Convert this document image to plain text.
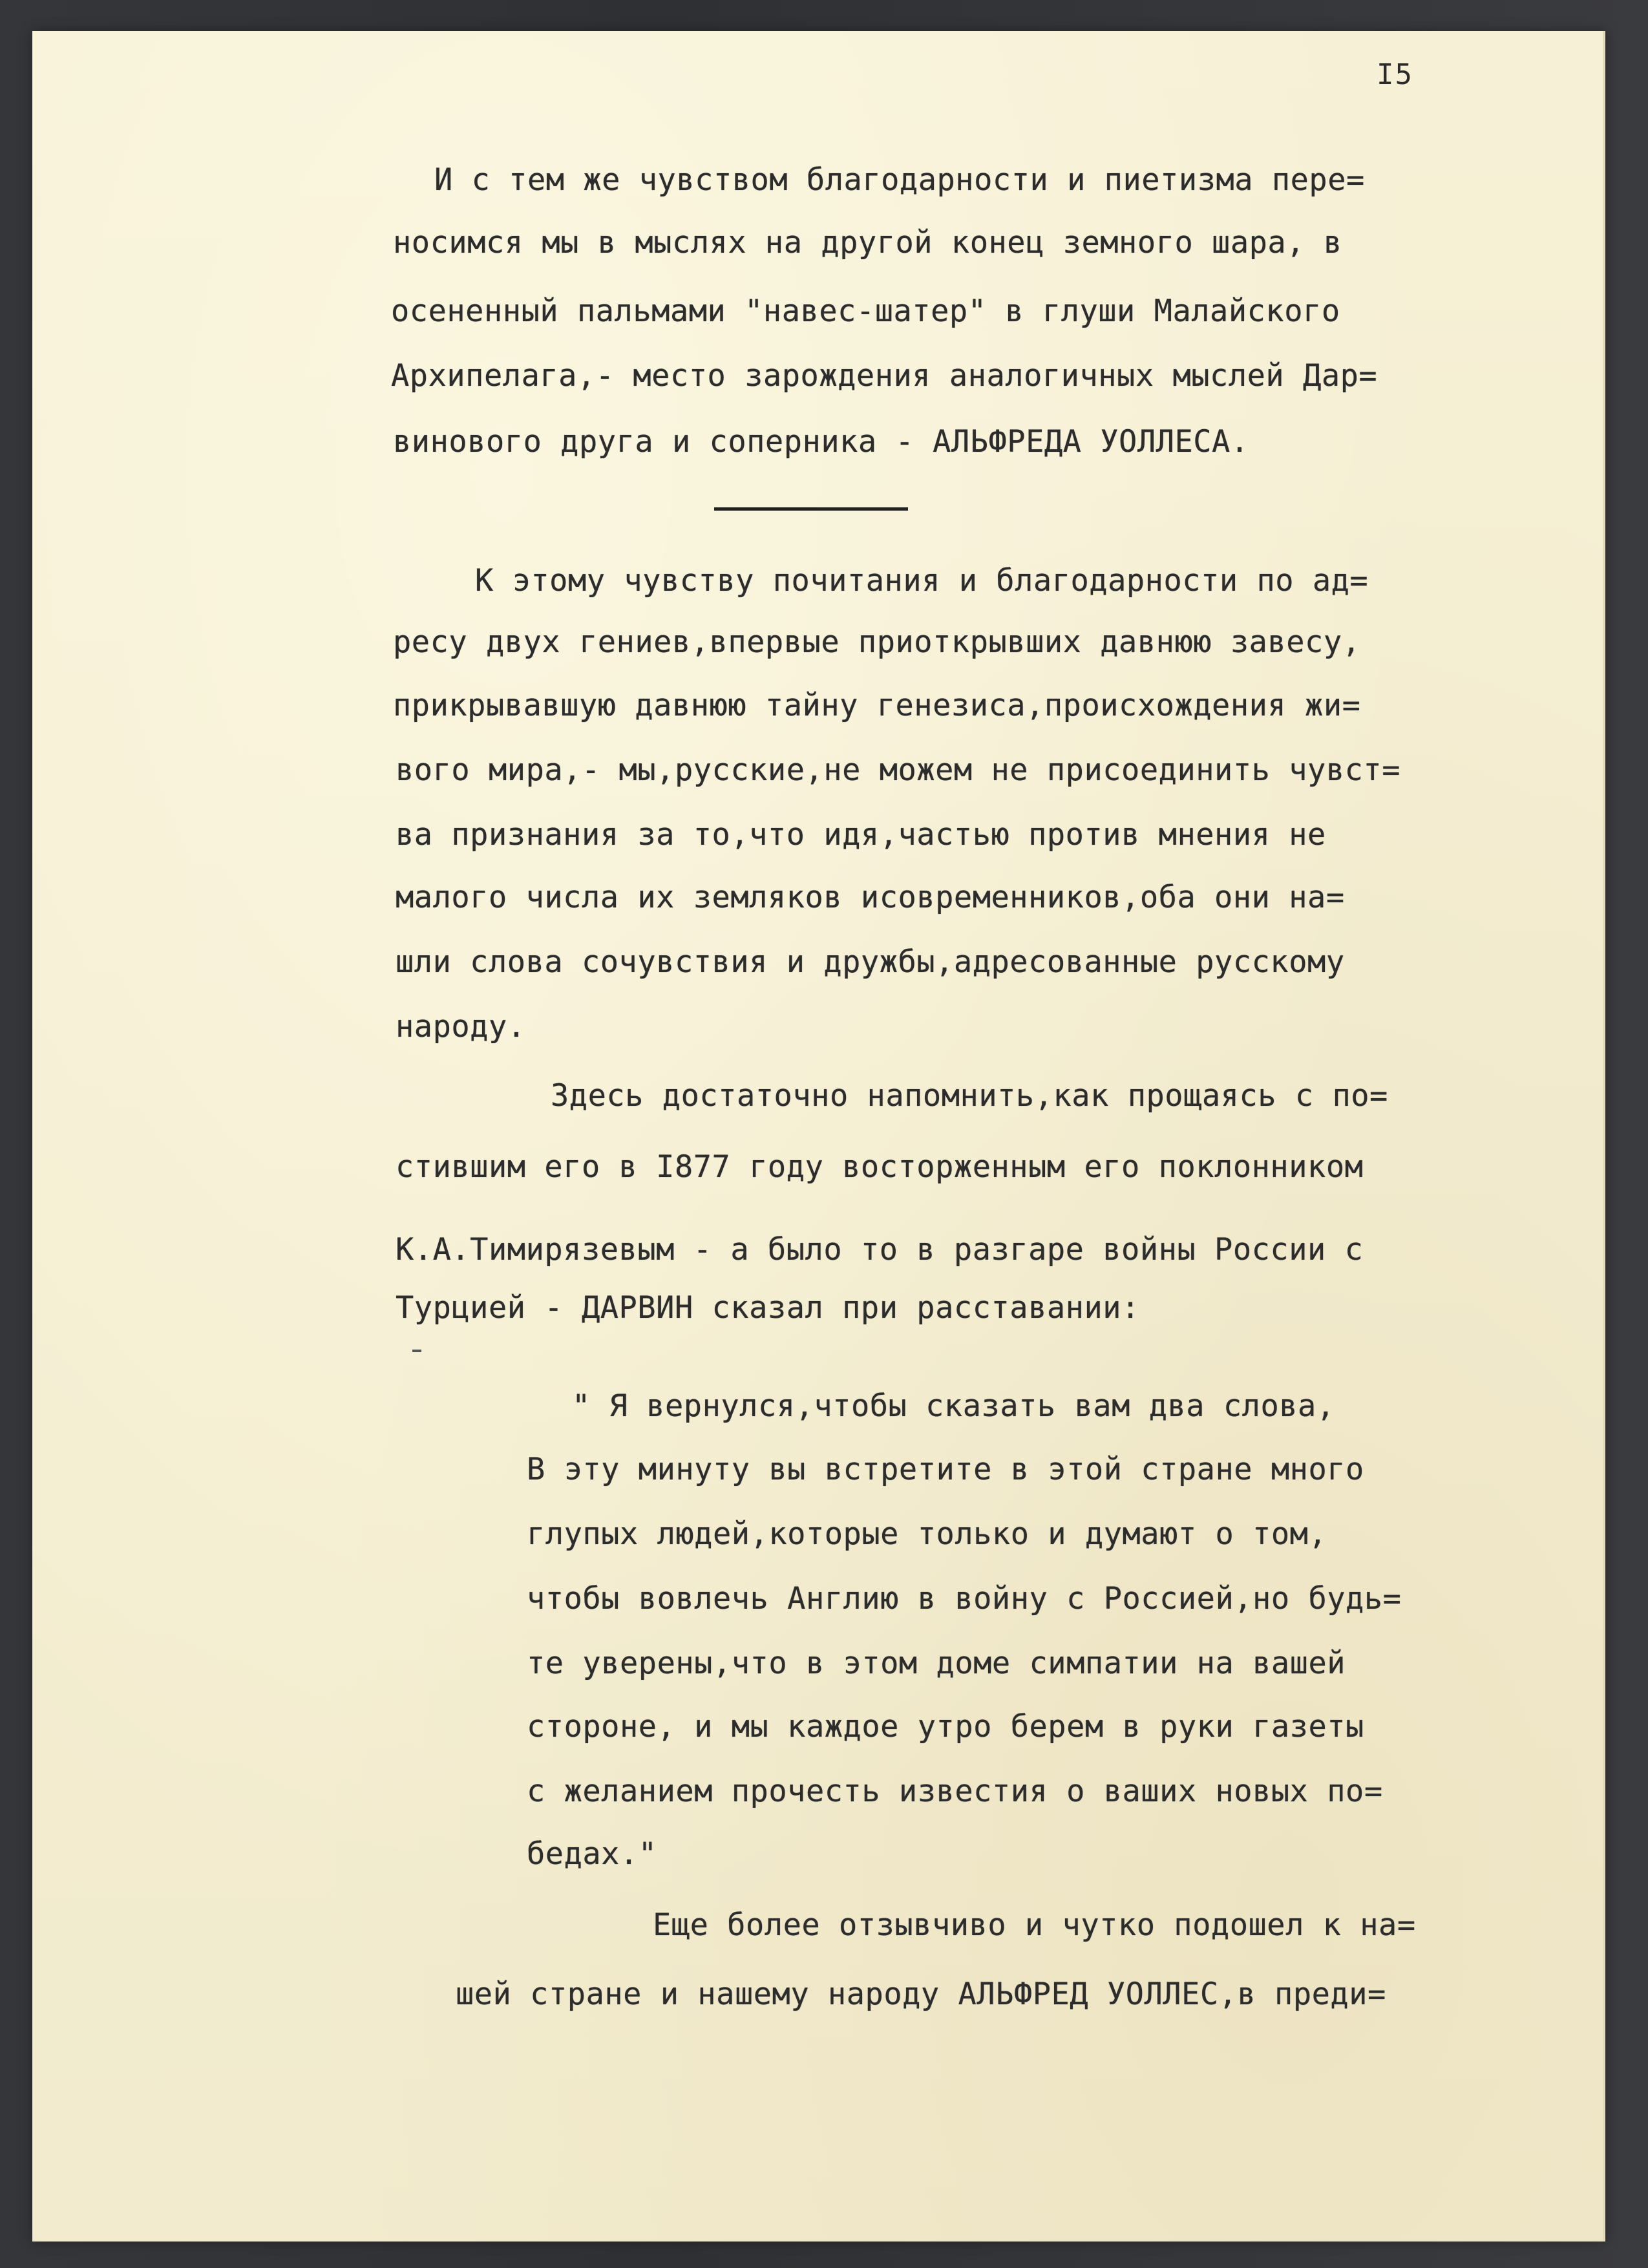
I5
И с тем же чувством благодарности и пиетизма пере=
носимся мы в мыслях на другой конец земного шара, в
осененный пальмами "навес-шатер" в глуши Малайского
Архипелага,- место зарождения аналогичных мыслей Дар=
винового друга и соперника - АЛЬФРЕДА УОЛЛЕСА.
К этому чувству почитания и благодарности по ад=
ресу двух гениев,впервые приоткрывших давнюю завесу,
прикрывавшую давнюю тайну генезиса,происхождения жи=
вого мира,- мы,русские,не можем не присоединить чувст=
ва признания за то,что идя,частью против мнения не
малого числа их земляков исовременников,оба они на=
шли слова сочувствия и дружбы,адресованные русскому
народу.
Здесь достаточно напомнить,как прощаясь с по=
стившим его в I877 году восторженным его поклонником
К.А.Тимирязевым - а было то в разгаре войны России с
Турцией - ДАРВИН сказал при расставании:
" Я вернулся,чтобы сказать вам два слова,
В эту минуту вы встретите в этой стране много
глупых людей,которые только и думают о том,
чтобы вовлечь Англию в войну с Россией,но будь=
те уверены,что в этом доме симпатии на вашей
стороне, и мы каждое утро берем в руки газеты
с желанием прочесть известия о ваших новых по=
бедах."
Еще более отзывчиво и чутко подошел к на=
шей стране и нашему народу АЛЬФРЕД УОЛЛЕС,в преди=
